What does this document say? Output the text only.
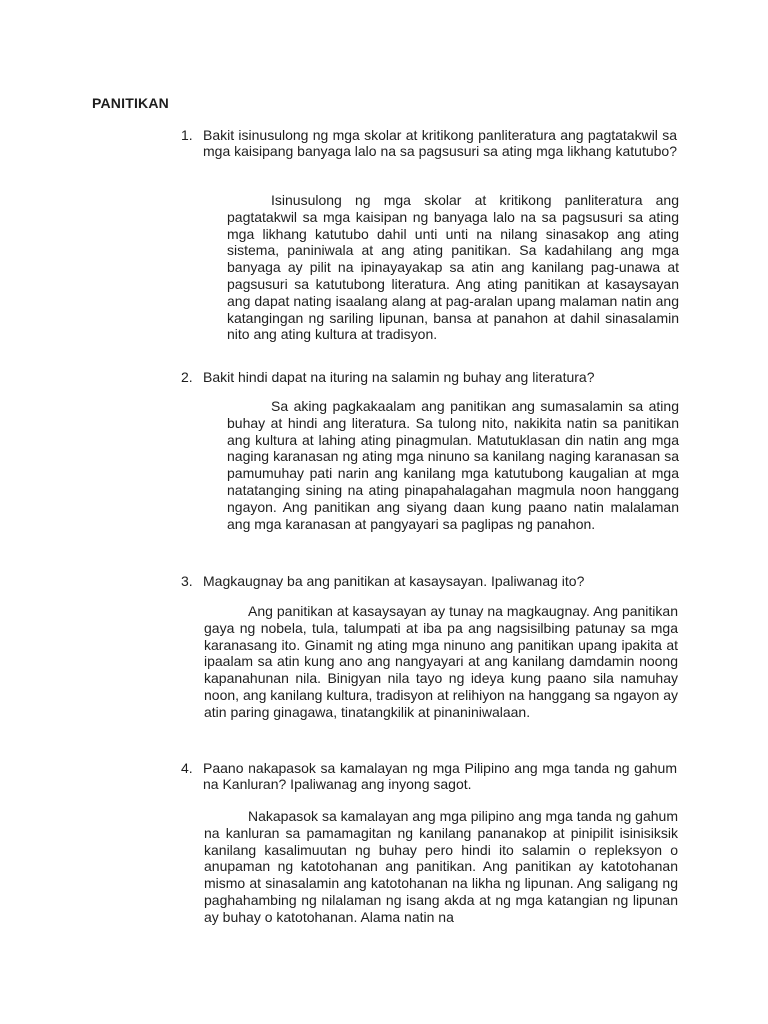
PANITIKAN
1. Bakit isinusulong ng mga skolar at kritikong panliteratura ang pagtatakwil sa mga kaisipang banyaga lalo na sa pagsusuri sa ating mga likhang katutubo?
Isinusulong ng mga skolar at kritikong panliteratura ang pagtatakwil sa mga kaisipan ng banyaga lalo na sa pagsusuri sa ating mga likhang katutubo dahil unti unti na nilang sinasakop ang ating sistema, paniniwala at ang ating panitikan. Sa kadahilang ang mga banyaga ay pilit na ipinayayakap sa atin ang kanilang pag-unawa at pagsusuri sa katutubong literatura. Ang ating panitikan at kasaysayan ang dapat nating isaalang alang at pag-aralan upang malaman natin ang katangingan ng sariling lipunan, bansa at panahon at dahil sinasalamin nito ang ating kultura at tradisyon.
2. Bakit hindi dapat na ituring na salamin ng buhay ang literatura?
Sa aking pagkakaalam ang panitikan ang sumasalamin sa ating buhay at hindi ang literatura. Sa tulong nito, nakikita natin sa panitikan ang kultura at lahing ating pinagmulan. Matutuklasan din natin ang mga naging karanasan ng ating mga ninuno sa kanilang naging karanasan sa pamumuhay pati narin ang kanilang mga katutubong kaugalian at mga natatanging sining na ating pinapahalagahan magmula noon hanggang ngayon. Ang panitikan ang siyang daan kung paano natin malalaman ang mga karanasan at pangyayari sa paglipas ng panahon.
3. Magkaugnay ba ang panitikan at kasaysayan. Ipaliwanag ito?
Ang panitikan at kasaysayan ay tunay na magkaugnay. Ang panitikan gaya ng nobela, tula, talumpati at iba pa ang nagsisilbing patunay sa mga karanasang ito. Ginamit ng ating mga ninuno ang panitikan upang ipakita at ipaalam sa atin kung ano ang nangyayari at ang kanilang damdamin noong kapanahunan nila. Binigyan nila tayo ng ideya kung paano sila namuhay noon, ang kanilang kultura, tradisyon at relihiyon na hanggang sa ngayon ay atin paring ginagawa, tinatangkilik at pinaniniwalaan.
4. Paano nakapasok sa kamalayan ng mga Pilipino ang mga tanda ng gahum na Kanluran? Ipaliwanag ang inyong sagot.
Nakapasok sa kamalayan ang mga pilipino ang mga tanda ng gahum na kanluran sa pamamagitan ng kanilang pananakop at pinipilit isinisiksik kanilang kasalimuutan ng buhay pero hindi ito salamin o repleksyon o anupaman ng katotohanan ang panitikan. Ang panitikan ay katotohanan mismo at sinasalamin ang katotohanan na likha ng lipunan. Ang saligang ng paghahambing ng nilalaman ng isang akda at ng mga katangian ng lipunan ay buhay o katotohanan. Alama natin na
